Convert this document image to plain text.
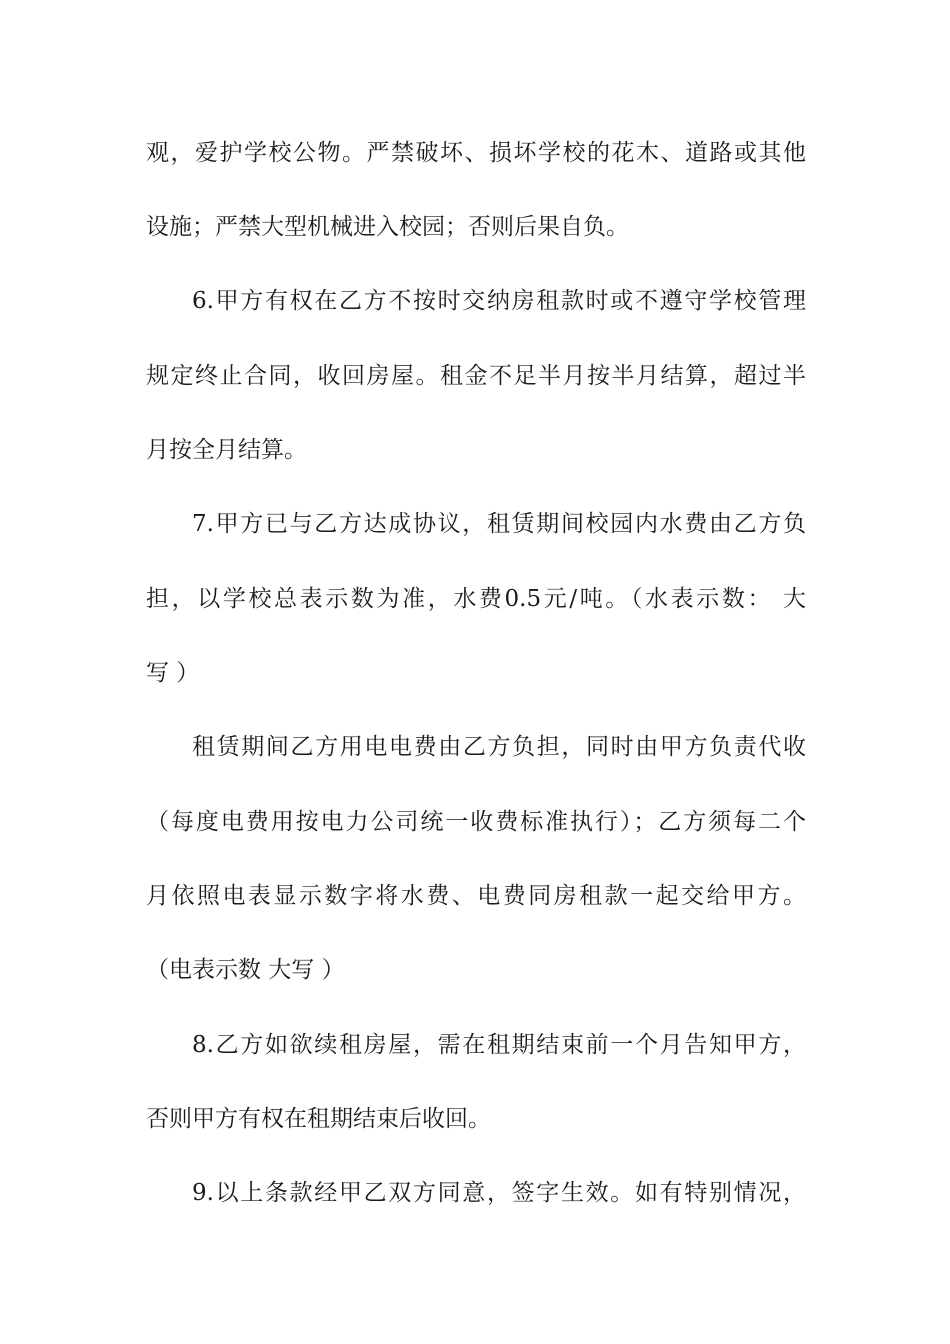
观，爱护学校公物。严禁破坏、损坏学校的花木、道路或其他
设施；严禁大型机械进入校园；否则后果自负。
6.甲方有权在乙方不按时交纳房租款时或不遵守学校管理
规定终止合同，收回房屋。租金不足半月按半月结算，超过半
月按全月结算。
7.甲方已与乙方达成协议，租赁期间校园内水费由乙方负
担，以学校总表示数为准，水费0.5元/吨。（水表示数： 大
写 ）
租赁期间乙方用电电费由乙方负担，同时由甲方负责代收
（每度电费用按电力公司统一收费标准执行）；乙方须每二个
月依照电表显示数字将水费、电费同房租款一起交给甲方。
（电表示数 大写 ）
8.乙方如欲续租房屋，需在租期结束前一个月告知甲方，
否则甲方有权在租期结束后收回。
9.以上条款经甲乙双方同意，签字生效。如有特别情况，
